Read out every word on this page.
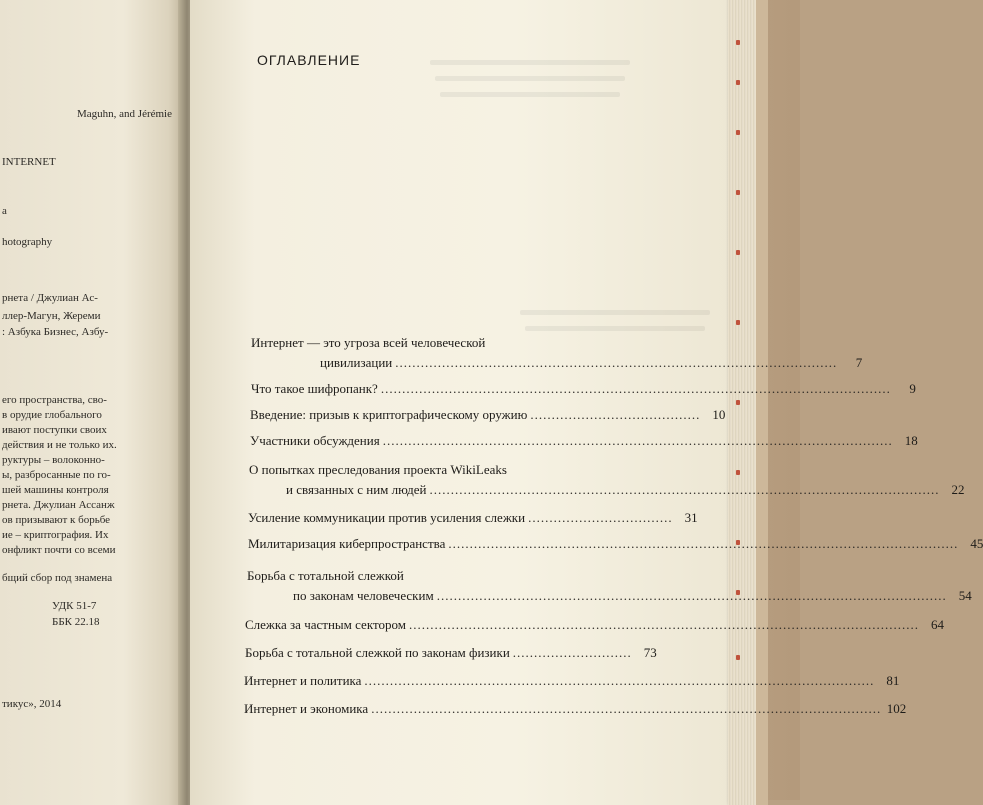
Maguhn, and Jérémie
INTERNET
a
hotography
рнета / Джулиан Ас-
ллер-Магун, Жереми
: Азбука Бизнес, Азбу-
его пространства, сво-
в орудие глобального
ивают поступки своих
действия и не только их.
руктуры – волоконно-
ы, разбросанные по го-
шей машины контроля
рнета. Джулиан Ассанж
ов призывают к борьбе
ие – криптография. Их
онфликт почти со всеми
бщий сбор под знамена
УДК 51-7
ББК 22.18
тикус», 2014
ОГЛАВЛЕНИЕ
Интернет — это угроза всей человеческой
цивилизации ........................................................................................................	7
Что такое шифропанк? ........................................................................................................................	9
Введение: призыв к криптографическому оружию ........................................ 10
Участники обсуждения ........................................................................................................................ 18
О попытках преследования проекта WikiLeaks
и связанных с ним людей ........................................................................................................................ 22
Усиление коммуникации против усиления слежки .................................. 31
Милитаризация киберпространства ........................................................................................................................ 45
Борьба с тотальной слежкой
по законам человеческим ........................................................................................................................ 54
Слежка за частным сектором ........................................................................................................................ 64
Борьба с тотальной слежкой по законам физики ............................ 73
Интернет и политика ........................................................................................................................ 81
Интернет и экономика ........................................................................................................................ 102
